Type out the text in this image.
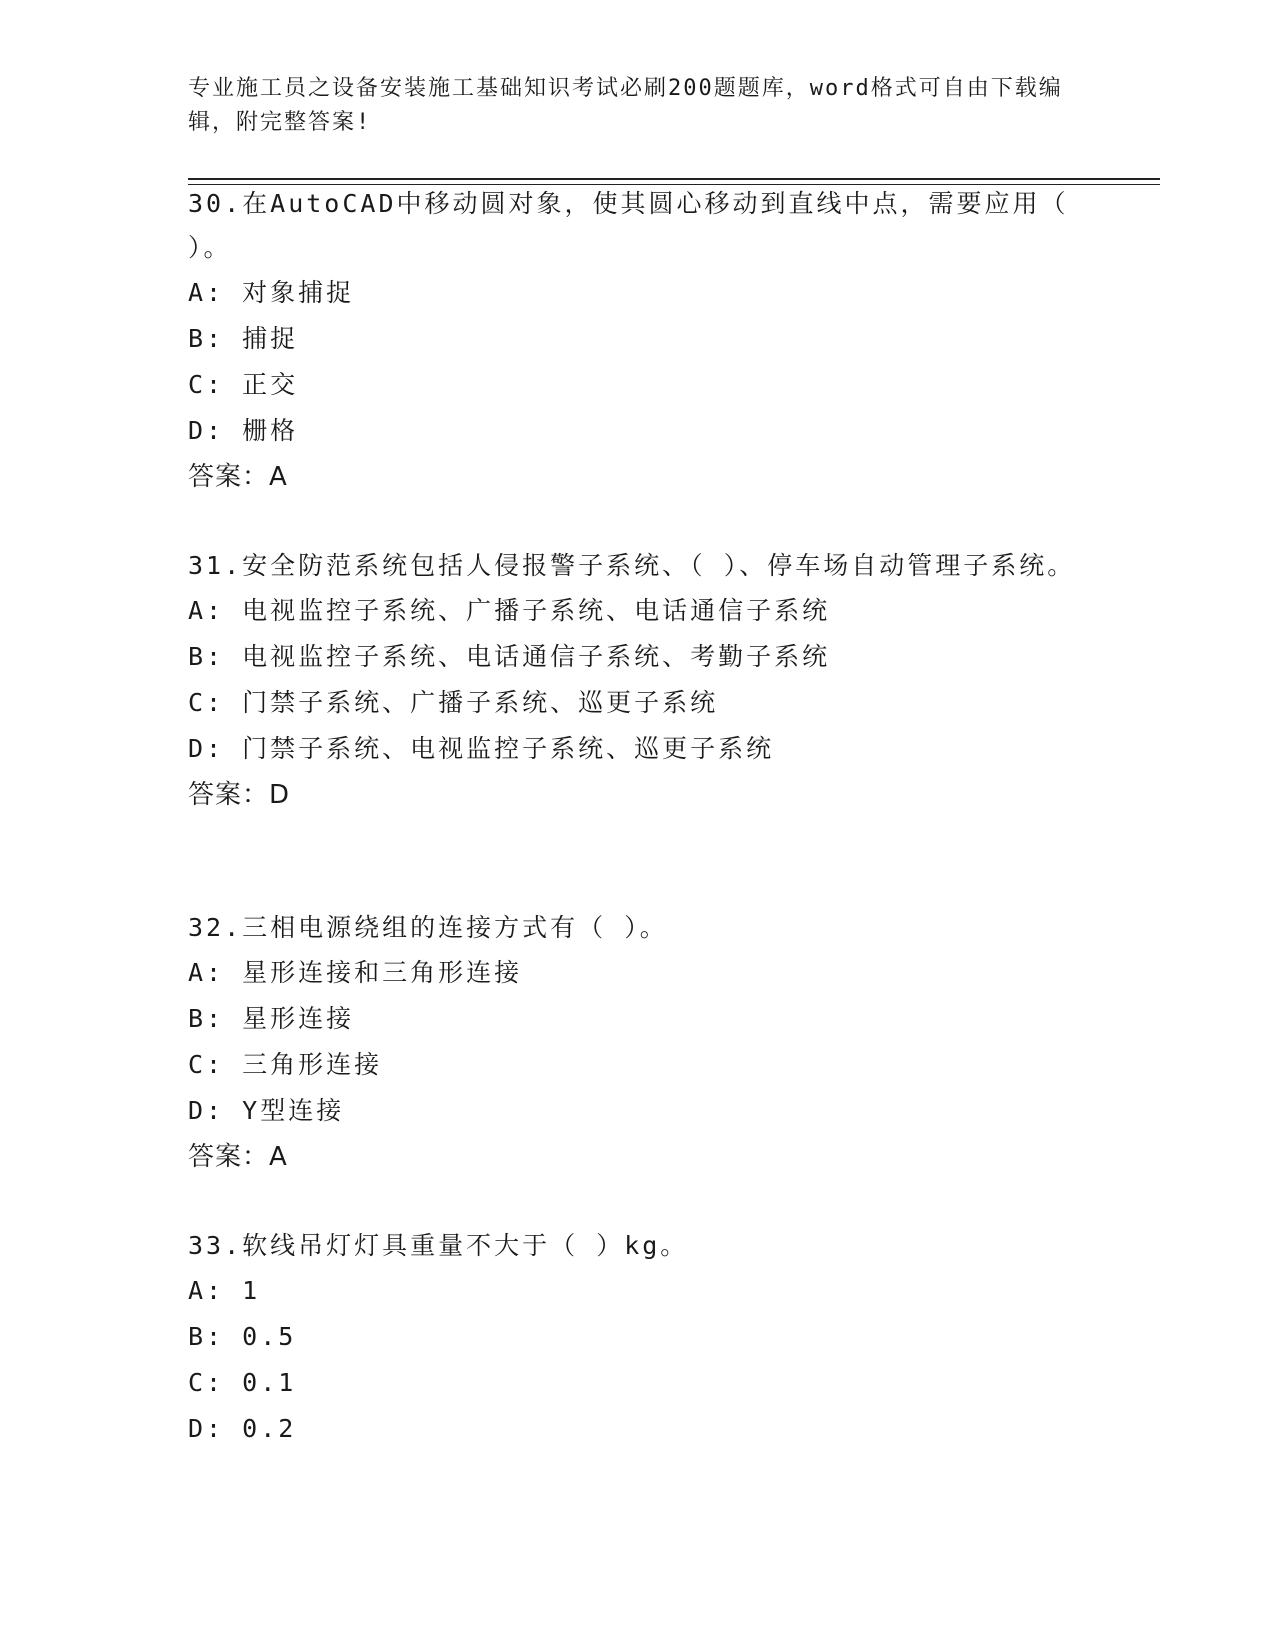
专业施工员之设备安装施工基础知识考试必刷200题题库，word格式可自由下载编辑，附完整答案!

30.在AutoCAD中移动圆对象，使其圆心移动到直线中点，需要应用（ ）。

A: 对象捕捉

B: 捕捉

C: 正交

D: 栅格

答案：A

31.安全防范系统包括人侵报警子系统、（ ）、停车场自动管理子系统。

A: 电视监控子系统、广播子系统、电话通信子系统

B: 电视监控子系统、电话通信子系统、考勤子系统

C: 门禁子系统、广播子系统、巡更子系统

D: 门禁子系统、电视监控子系统、巡更子系统

答案：D

32.三相电源绕组的连接方式有（ ）。

A: 星形连接和三角形连接

B: 星形连接

C: 三角形连接

D: Y型连接

答案：A

33.软线吊灯灯具重量不大于（ ）kg。

A: 1

B: 0.5

C: 0.1

D: 0.2
